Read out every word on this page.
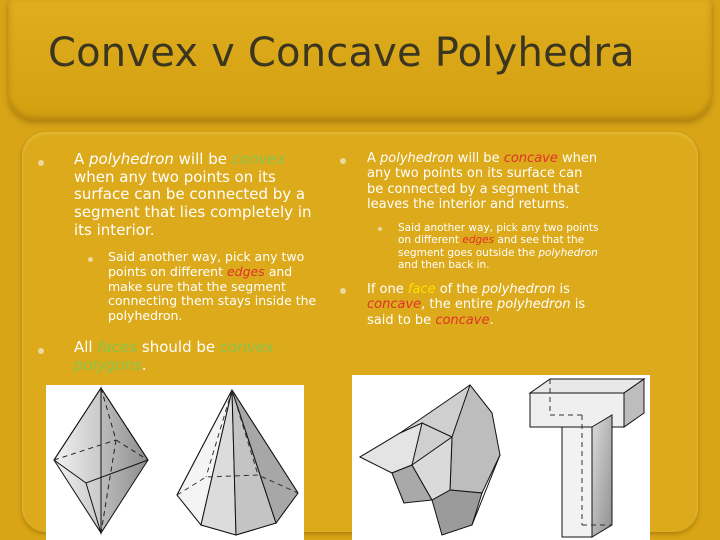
Convex v Concave Polyhedra
A polyhedron will be convex when any two points on its surface can be connected by a segment that lies completely in its interior.
Said another way, pick any two points on different edges and make sure that the segment connecting them stays inside the polyhedron.
All faces should be convex polygons.
A polyhedron will be concave when any two points on its surface can be connected by a segment that leaves the interior and returns.
Said another way, pick any two points on different edges and see that the segment goes outside the polyhedron and then back in.
If one face of the polyhedron is concave, the entire polyhedron is said to be concave.
